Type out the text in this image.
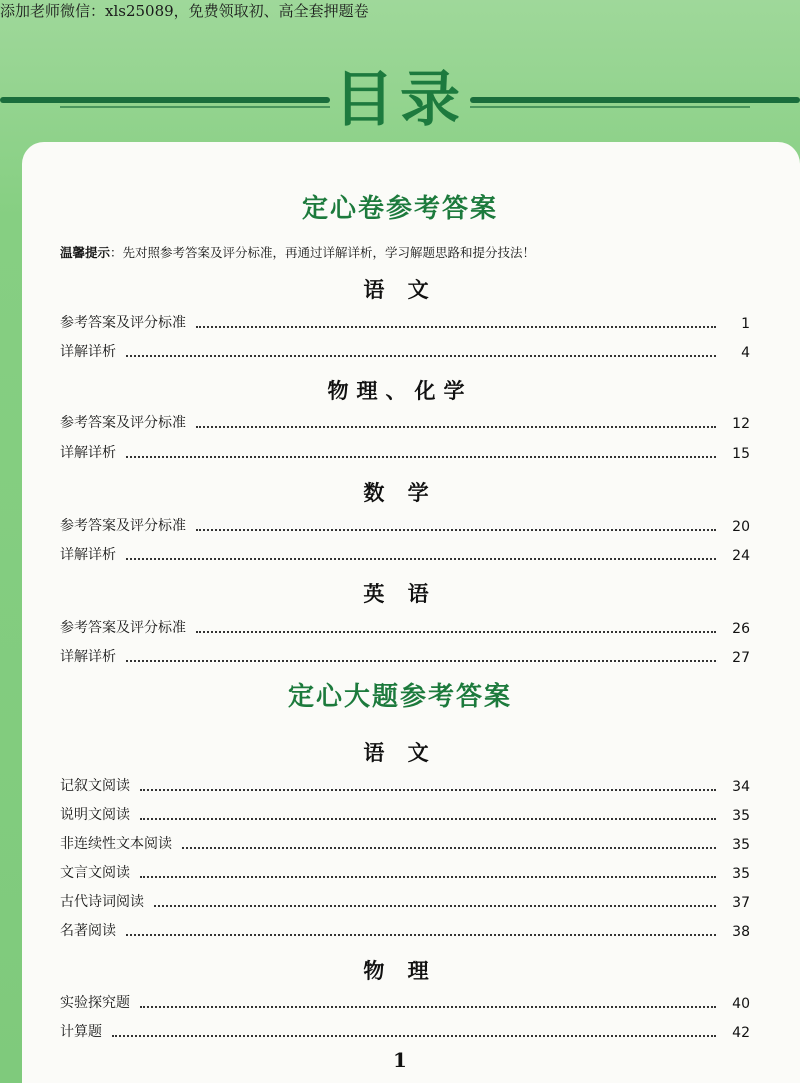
添加老师微信：xls25089，免费领取初、高全套押题卷
目录
定心卷参考答案
温馨提示：先对照参考答案及评分标准，再通过详解详析，学习解题思路和提分技法！
语 文
参考答案及评分标准	1
详解详析	4
物理、化学
参考答案及评分标准	12
详解详析	15
数 学
参考答案及评分标准	20
详解详析	24
英 语
参考答案及评分标准	26
详解详析	27
定心大题参考答案
语 文
记叙文阅读	34
说明文阅读	35
非连续性文本阅读	35
文言文阅读	35
古代诗词阅读	37
名著阅读	38
物 理
实验探究题	40
计算题	42
1
